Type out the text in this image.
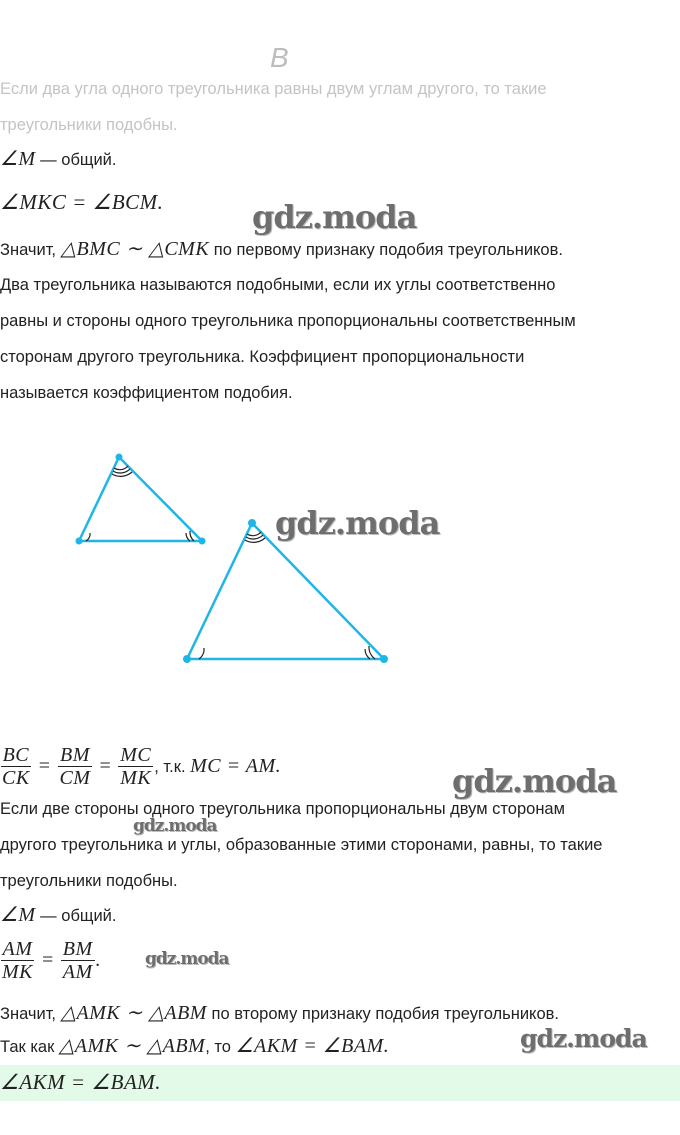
B
Если два угла одного треугольника равны двум углам другого, то такие
треугольники подобны.
∠M — общий.
∠MKC = ∠BCM.	gdz.moda
Значит, △BMC ∼ △CMK по первому признаку подобия треугольников.
Два треугольника называются подобными, если их углы соответственно
равны и стороны одного треугольника пропорциональны соответственным
сторонам другого треугольника. Коэффициент пропорциональности
называется коэффициентом подобия.
gdz.moda
$\frac{BC}{CK} = \frac{BM}{CM} = \frac{MC}{MK}$ , т.к. MC = AM.	gdz.moda
Если две стороны одного треугольника пропорциональны двум сторонам
gdz.moda
другого треугольника и углы, образованные этими сторонами, равны, то такие
треугольники подобны.
∠M — общий.
$\frac{AM}{MK} = \frac{BM}{AM}$ .	gdz.moda
Значит, △AMK ∼ △ABM по второму признаку подобия треугольников.
gdz.moda
Так как △AMK ∼ △ABM, то ∠AKM = ∠BAM.
∠AKM = ∠BAM.
